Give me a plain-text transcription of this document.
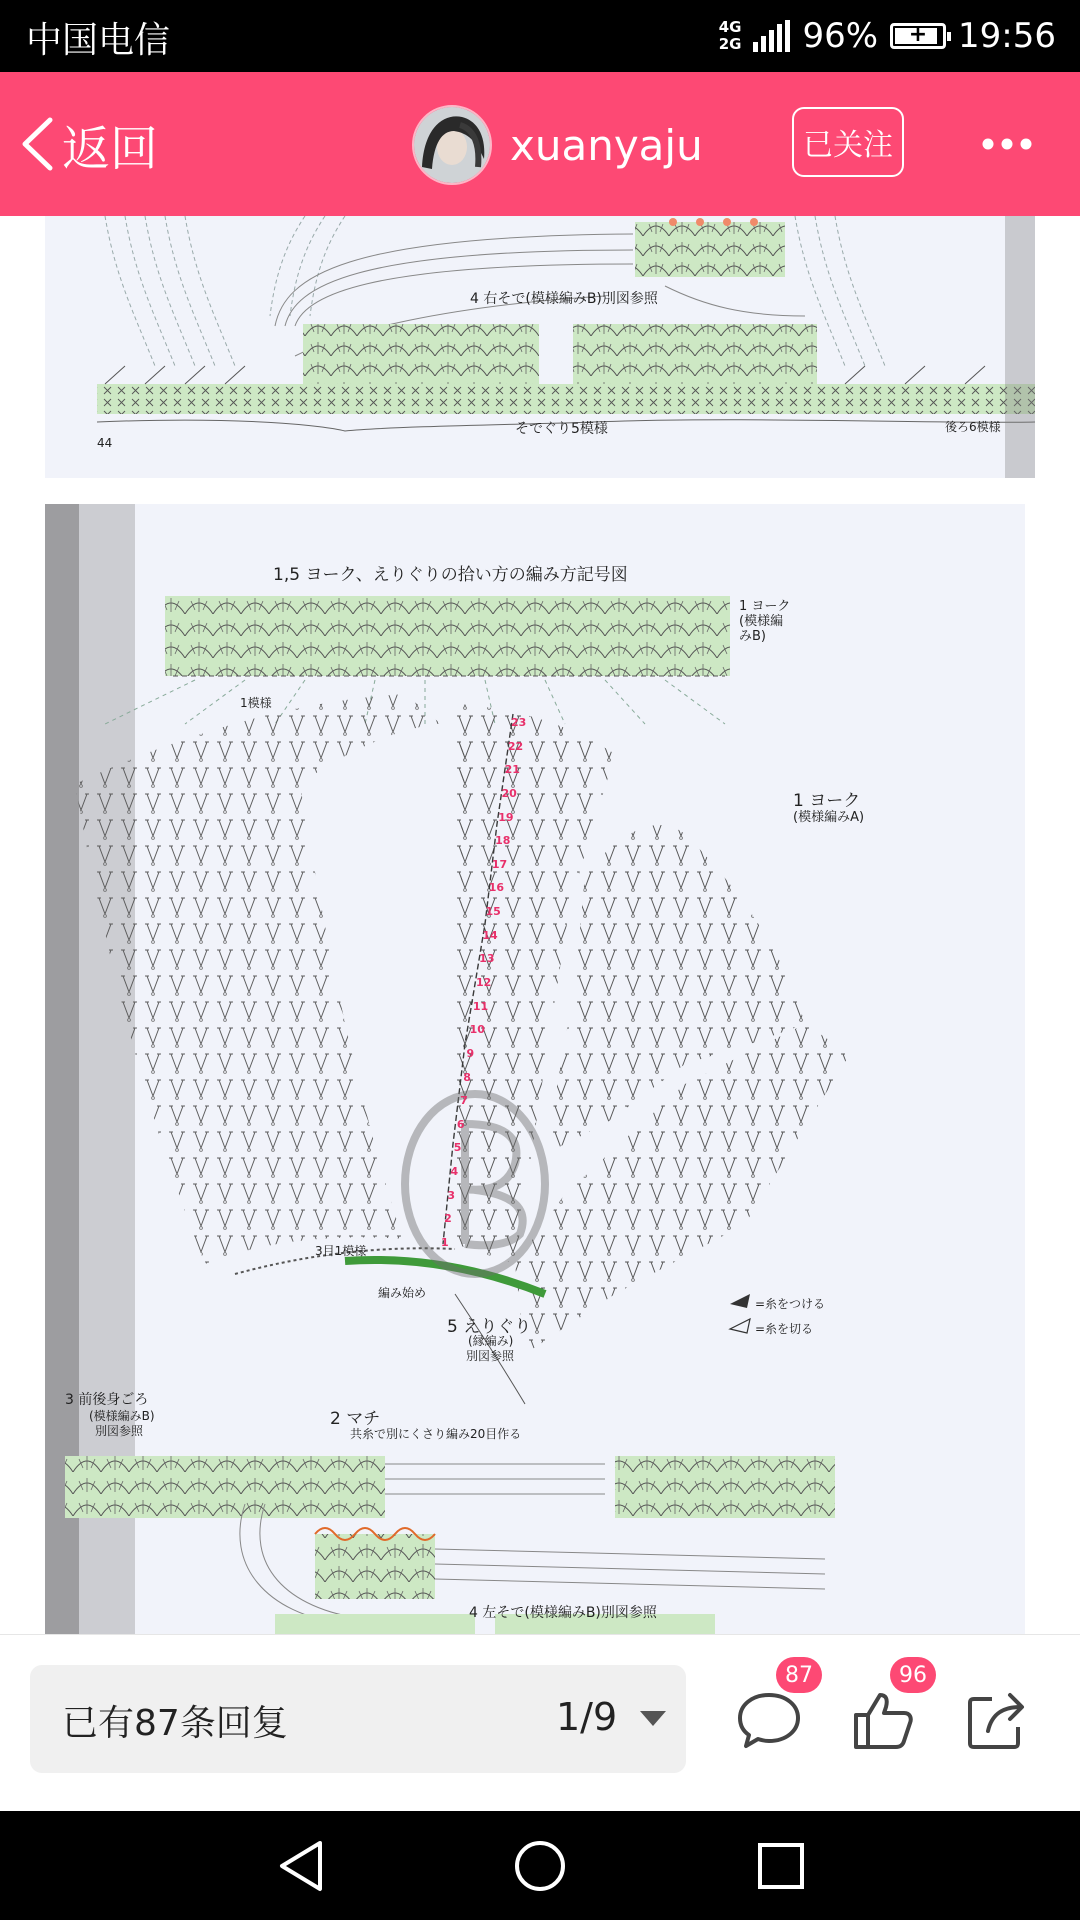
中国电信	4G
2G 96%	+ 19:56
返回	xuanyaju	已关注
4 右そで(模様編みB)別図参照
そでぐり5模様	後ろ6模様
44
1,5 ヨーク、えりぐりの拾い方の編み方記号図
1 ヨーク (模様編みB)
1模様
1 ヨーク
(模様編みA)
3目1模様
編み始め
5 えりぐり
(縁編み)
別図参照
=糸をつける
=糸を切る
3 前後身ごろ
(模様編みB)
別図参照
2 マチ
共糸で別にくさり編み20目作る
4 左そで(模様編みB)別図参照
1
2
3
4
5
6
7
8
9
10
11
12
13
14
15
16
17
18
19
20
21
22
23
已有87条回复	1/9
87	96
